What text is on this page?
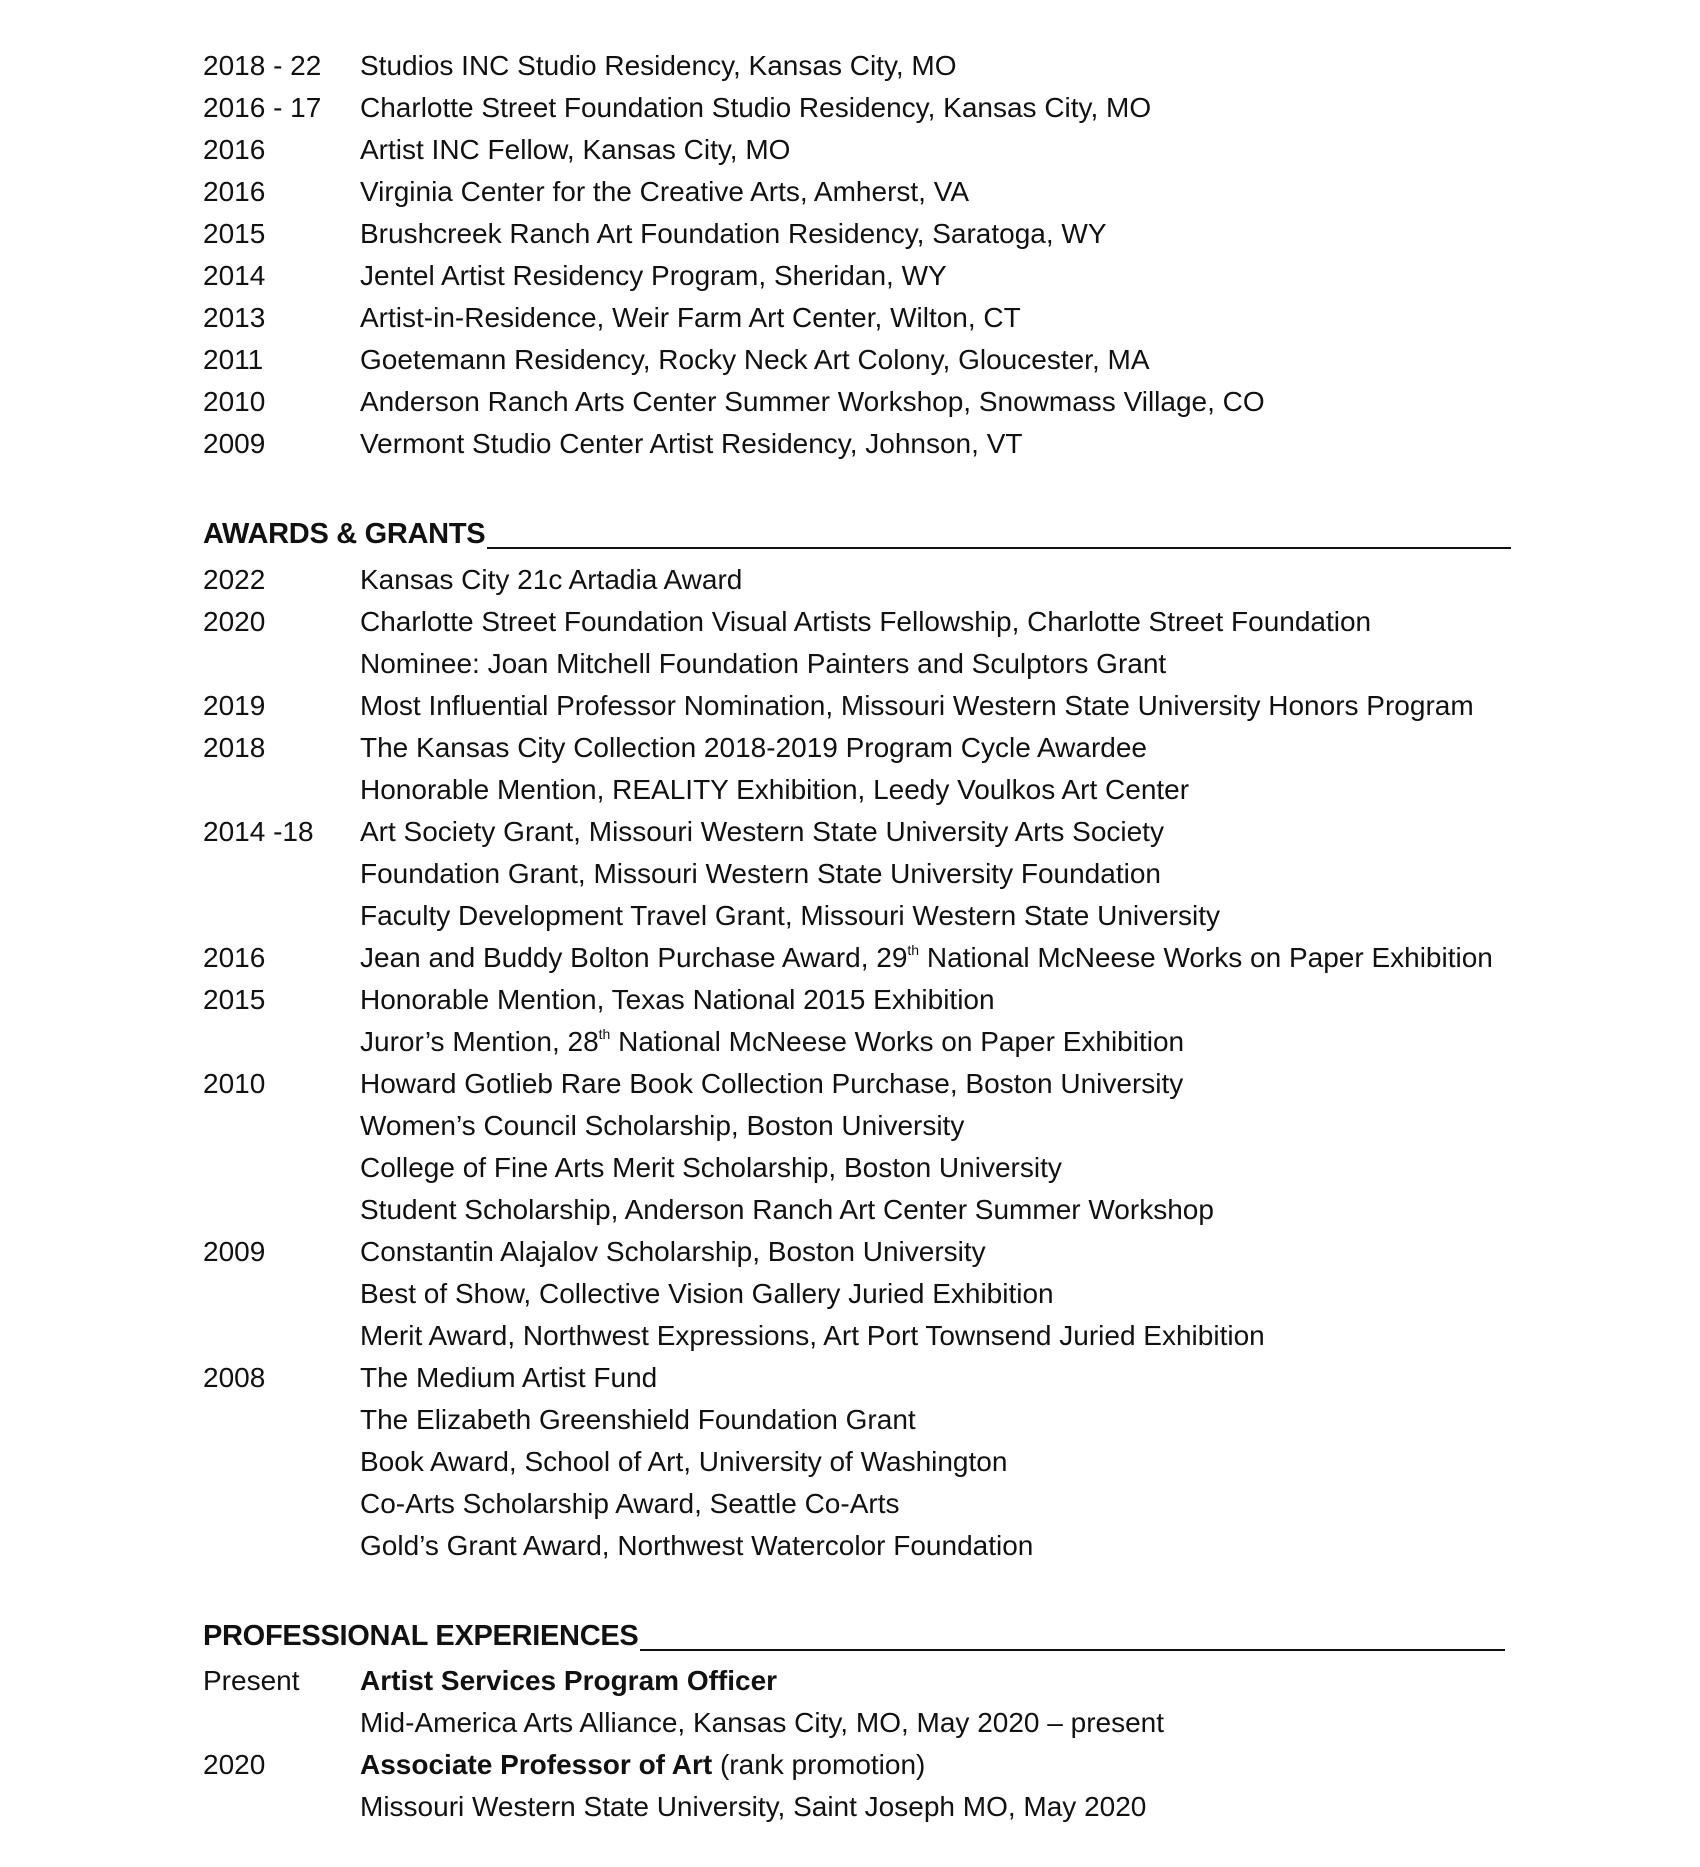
2018 - 22 Studios INC Studio Residency, Kansas City, MO
2016 - 17 Charlotte Street Foundation Studio Residency, Kansas City, MO
2016	Artist INC Fellow, Kansas City, MO
2016	Virginia Center for the Creative Arts, Amherst, VA
2015	Brushcreek Ranch Art Foundation Residency, Saratoga, WY
2014	Jentel Artist Residency Program, Sheridan, WY
2013	Artist-in-Residence, Weir Farm Art Center, Wilton, CT
2011	Goetemann Residency, Rocky Neck Art Colony, Gloucester, MA
2010	Anderson Ranch Arts Center Summer Workshop, Snowmass Village, CO
2009	Vermont Studio Center Artist Residency, Johnson, VT
AWARDS & GRANTS
2022	Kansas City 21c Artadia Award
2020	Charlotte Street Foundation Visual Artists Fellowship, Charlotte Street Foundation
Nominee: Joan Mitchell Foundation Painters and Sculptors Grant
2019	Most Influential Professor Nomination, Missouri Western State University Honors Program
2018	The Kansas City Collection 2018-2019 Program Cycle Awardee
Honorable Mention, REALITY Exhibition, Leedy Voulkos Art Center
2014 -18 Art Society Grant, Missouri Western State University Arts Society
Foundation Grant, Missouri Western State University Foundation
Faculty Development Travel Grant, Missouri Western State University
2016	Jean and Buddy Bolton Purchase Award, 29th National McNeese Works on Paper Exhibition
2015	Honorable Mention, Texas National 2015 Exhibition
Juror’s Mention, 28th National McNeese Works on Paper Exhibition
2010	Howard Gotlieb Rare Book Collection Purchase, Boston University
Women’s Council Scholarship, Boston University
College of Fine Arts Merit Scholarship, Boston University
Student Scholarship, Anderson Ranch Art Center Summer Workshop
2009	Constantin Alajalov Scholarship, Boston University
Best of Show, Collective Vision Gallery Juried Exhibition
Merit Award, Northwest Expressions, Art Port Townsend Juried Exhibition
2008	The Medium Artist Fund
The Elizabeth Greenshield Foundation Grant
Book Award, School of Art, University of Washington
Co-Arts Scholarship Award, Seattle Co-Arts
Gold’s Grant Award, Northwest Watercolor Foundation
PROFESSIONAL EXPERIENCES
Present Artist Services Program Officer
Mid-America Arts Alliance, Kansas City, MO, May 2020 – present
2020	Associate Professor of Art (rank promotion)
Missouri Western State University, Saint Joseph MO, May 2020
